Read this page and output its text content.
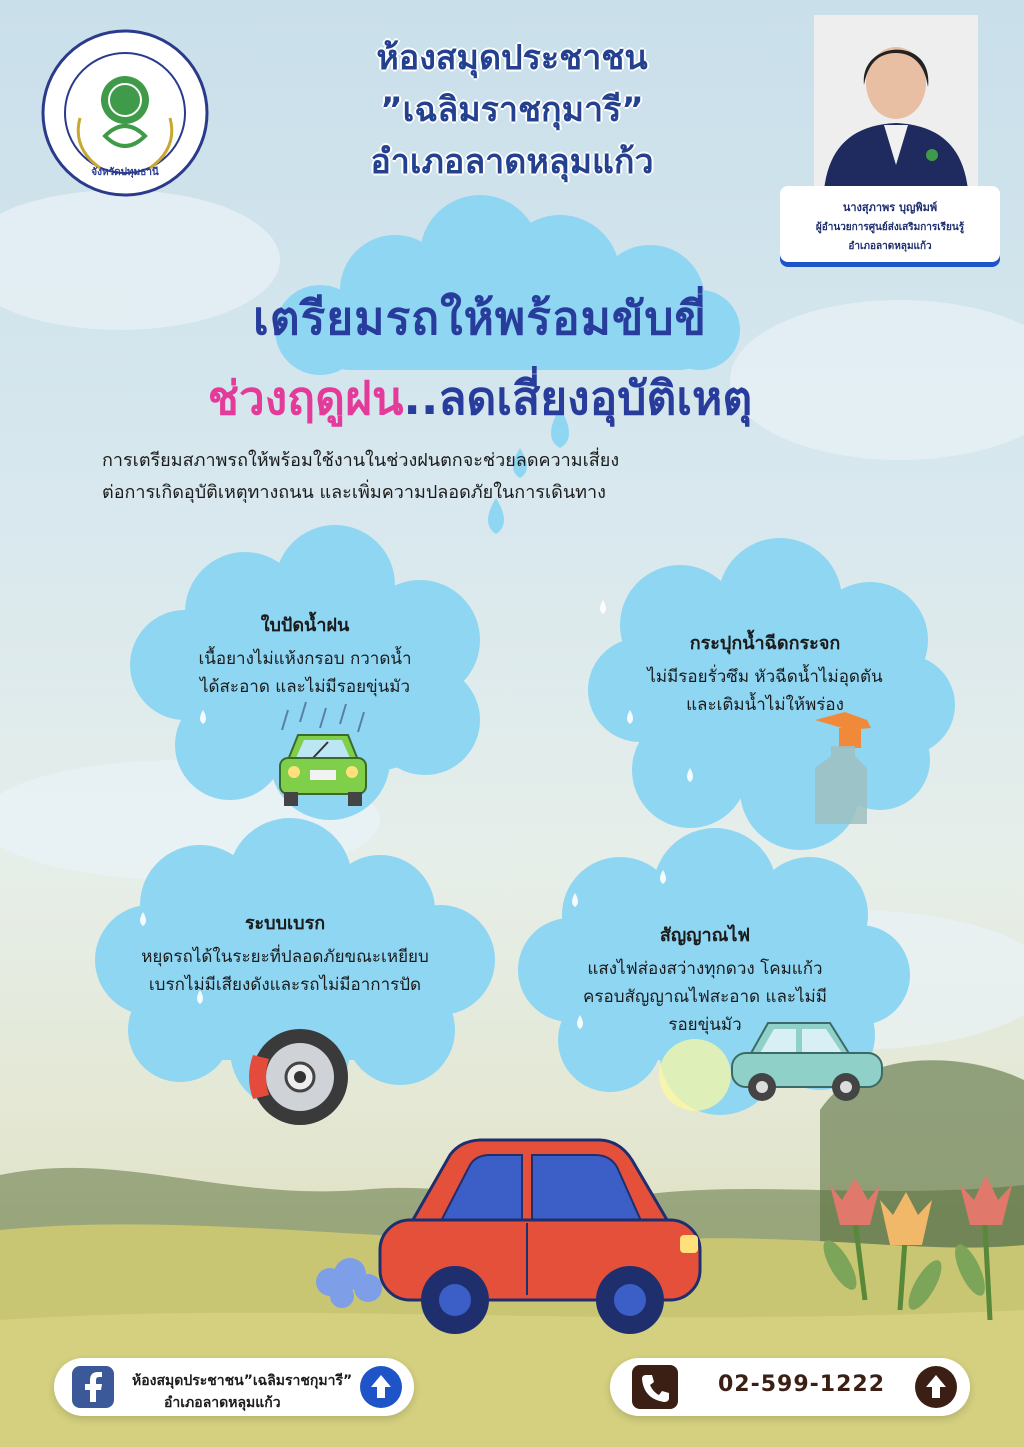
จังหวัดปทุมธานี
ห้องสมุดประชาชน
”เฉลิมราชกุมารี”
อำเภอลาดหลุมแก้ว
นางสุภาพร บุญพิมพ์
ผู้อำนวยการศูนย์ส่งเสริมการเรียนรู้
อำเภอลาดหลุมแก้ว
เตรียมรถให้พร้อมขับขี่
ช่วงฤดูฝน..ลดเสี่ยงอุบัติเหตุ
การเตรียมสภาพรถให้พร้อมใช้งานในช่วงฝนตกจะช่วยลดความเสี่ยง
ต่อการเกิดอุบัติเหตุทางถนน และเพิ่มความปลอดภัยในการเดินทาง
ใบปัดน้ำฝน
เนื้อยางไม่แห้งกรอบ กวาดน้ำ
ได้สะอาด และไม่มีรอยขุ่นมัว
กระปุกน้ำฉีดกระจก
ไม่มีรอยรั่วซึม หัวฉีดน้ำไม่อุดตัน
และเติมน้ำไม่ให้พร่อง
ระบบเบรก
หยุดรถได้ในระยะที่ปลอดภัยขณะเหยียบ
เบรกไม่มีเสียงดังและรถไม่มีอาการปัด
สัญญาณไฟ
แสงไฟส่องสว่างทุกดวง โคมแก้ว
ครอบสัญญาณไฟสะอาด และไม่มี
รอยขุ่นมัว
ห้องสมุดประชาชน”เฉลิมราชกุมารี”
อำเภอลาดหลุมแก้ว
02-599-1222
